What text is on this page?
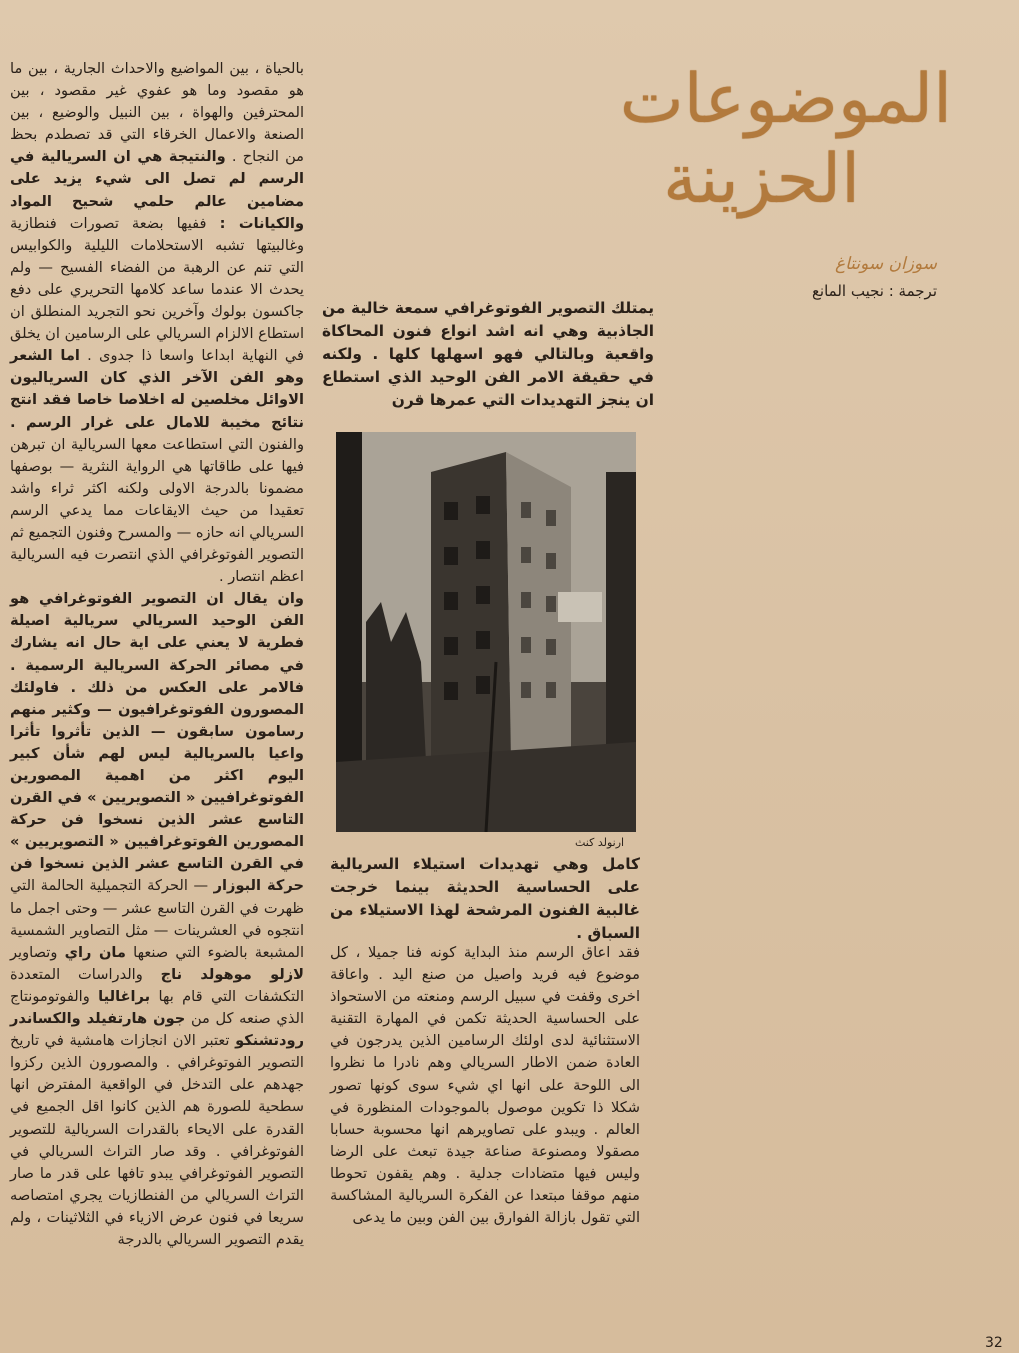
الموضوعات
الحزينة
سوزان سونتاغ
ترجمة : نجيب المانع

يمتلك التصوير الفوتوغرافي سمعة خالية من الجاذبية وهي انه اشد انواع فنون المحاكاة واقعية وبالتالي فهو اسهلها كلها . ولكنه في حقيقة الامر الفن الوحيد الذي استطاع ان ينجز التهديدات التي عمرها قرن

ارنولد كنث

كامل وهي تهديدات استيلاء السريالية على الحساسية الحديثة بينما خرجت غالبية الفنون المرشحة لهذا الاستيلاء من السباق .

فقد اعاق الرسم منذ البداية كونه فنا جميلا ، كل موضوع فيه فريد واصيل من صنع اليد . واعاقة اخرى وقفت في سبيل الرسم ومنعته من الاستحواذ على الحساسية الحديثة تكمن في المهارة التقنية الاستثنائية لدى اولئك الرسامين الذين يدرجون في العادة ضمن الاطار السريالي وهم نادرا ما نظروا الى اللوحة على انها اي شيء سوى كونها تصور شكلا ذا تكوين موصول بالموجودات المنظورة في العالم . ويبدو على تصاويرهم انها محسوبة حسابا مصقولا ومصنوعة صناعة جيدة تبعث على الرضا وليس فيها متضادات جدلية . وهم يقفون تحوطا منهم موقفا مبتعدا عن الفكرة السريالية المشاكسة التي تقول بازالة الفوارق بين الفن وبين ما يدعى

بالحياة ، بين المواضيع والاحداث الجارية ، بين ما هو مقصود وما هو عفوي غير مقصود ، بين المحترفين والهواة ، بين النبيل والوضيع ، بين الصنعة والاعمال الخرقاء التي قد تصطدم بحظ من النجاح . والنتيجة هي ان السريالية في الرسم لم تصل الى شيء يزيد على مضامين عالم حلمي شحيح المواد والكيانات : ففيها بضعة تصورات فنطازية وغالبيتها تشبه الاستحلامات الليلية والكوابيس التي تنم عن الرهبة من الفضاء الفسيح — ولم يحدث الا عندما ساعد كلامها التحريري على دفع جاكسون بولوك وآخرين نحو التجريد المنطلق ان استطاع الالزام السريالي على الرسامين ان يخلق في النهاية ابداعا واسعا ذا جدوى . اما الشعر وهو الفن الآخر الذي كان السرياليون الاوائل مخلصين له اخلاصا خاصا فقد انتج نتائج مخيبة للامال على غرار الرسم . والفنون التي استطاعت معها السريالية ان تبرهن فيها على طاقاتها هي الرواية النثرية — بوصفها مضمونا بالدرجة الاولى ولكنه اكثر ثراء واشد تعقيدا من حيث الايقاعات مما يدعي الرسم السريالي انه حازه — والمسرح وفنون التجميع ثم التصوير الفوتوغرافي الذي انتصرت فيه السريالية اعظم انتصار .

وان يقال ان التصوير الفوتوغرافي هو الفن الوحيد السريالي سريالية اصيلة فطرية لا يعني على اية حال انه يشارك في مصائر الحركة السريالية الرسمية . فالامر على العكس من ذلك . فاولئك المصورون الفوتوغرافيون — وكثير منهم رسامون سابقون — الذين تأثروا تأثرا واعيا بالسريالية ليس لهم شأن كبير اليوم اكثر من اهمية المصورين الفوتوغرافيين « التصويريين » في القرن التاسع عشر الذين نسخوا فن حركة المصورين الفوتوغرافيين « التصويريين » في القرن التاسع عشر الذين نسخوا فن حركة البوزار — الحركة التجميلية الحالمة التي ظهرت في القرن التاسع عشر — وحتى اجمل ما انتجوه في العشرينات — مثل التصاوير الشمسية المشبعة بالضوء التي صنعها مان راي وتصاوير لازلو موهولد ناج والدراسات المتعددة التكشفات التي قام بها براغاليا والفوتومونتاج الذي صنعه كل من جون هارتفيلد والكساندر رودتشنكو تعتبر الان انجازات هامشية في تاريخ التصوير الفوتوغرافي . والمصورون الذين ركزوا جهدهم على التدخل في الواقعية المفترض انها سطحية للصورة هم الذين كانوا اقل الجميع في القدرة على الايحاء بالقدرات السريالية للتصوير الفوتوغرافي . وقد صار التراث السريالي في التصوير الفوتوغرافي يبدو تافها على قدر ما صار التراث السريالي من الفنطازيات يجري امتصاصه سريعا في فنون عرض الازياء في الثلاثينات ، ولم يقدم التصوير السريالي بالدرجة

32
